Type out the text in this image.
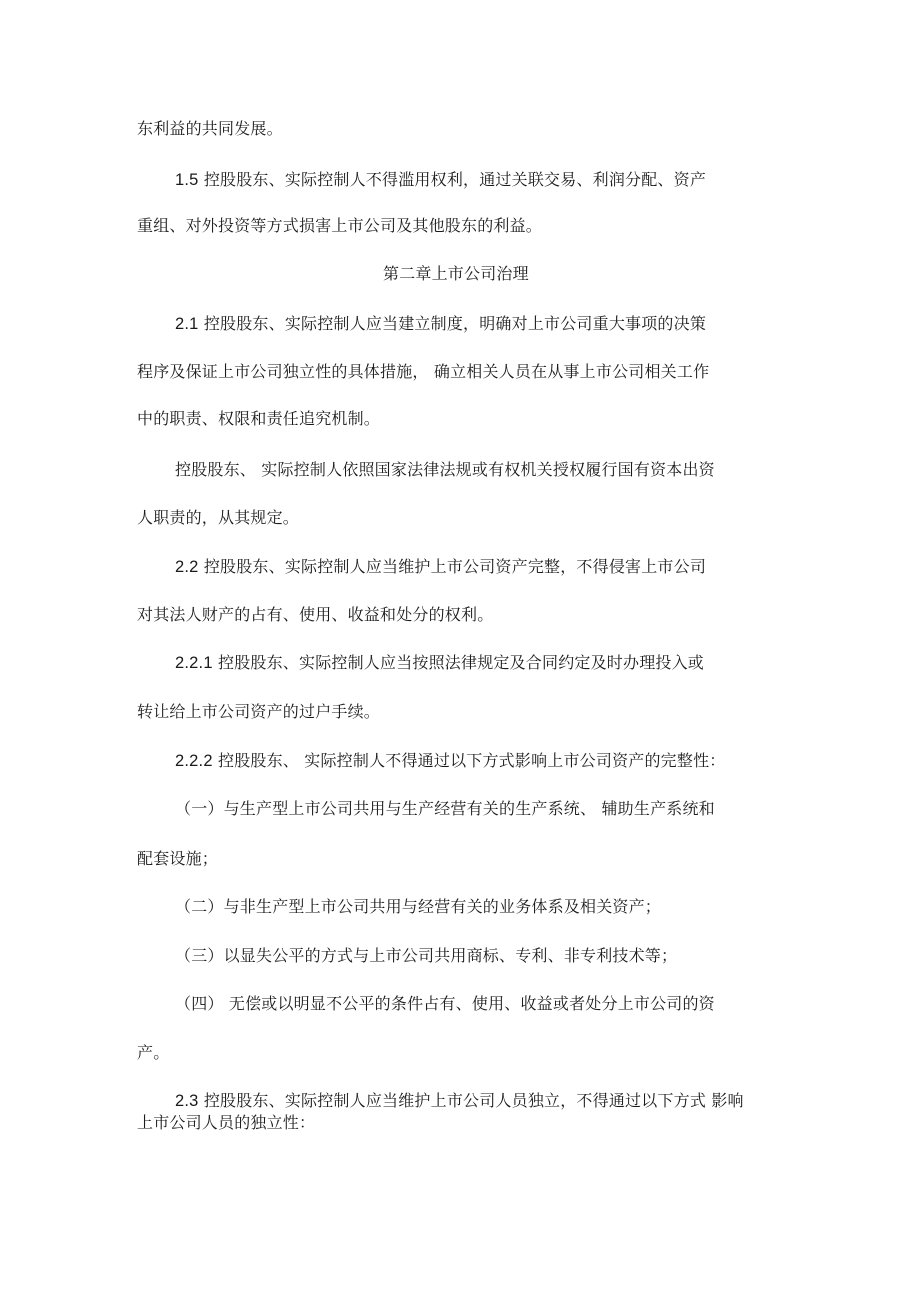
东利益的共同发展。
1.5 控股股东、实际控制人不得滥用权利，通过关联交易、利润分配、资产
重组、对外投资等方式损害上市公司及其他股东的利益。
第二章上市公司治理
2.1 控股股东、实际控制人应当建立制度，明确对上市公司重大事项的决策
程序及保证上市公司独立性的具体措施， 确立相关人员在从事上市公司相关工作
中的职责、权限和责任追究机制。
控股股东、 实际控制人依照国家法律法规或有权机关授权履行国有资本出资
人职责的，从其规定。
2.2 控股股东、实际控制人应当维护上市公司资产完整，不得侵害上市公司
对其法人财产的占有、使用、收益和处分的权利。
2.2.1 控股股东、实际控制人应当按照法律规定及合同约定及时办理投入或
转让给上市公司资产的过户手续。
2.2.2 控股股东、 实际控制人不得通过以下方式影响上市公司资产的完整性：
（一）与生产型上市公司共用与生产经营有关的生产系统、 辅助生产系统和
配套设施；
（二）与非生产型上市公司共用与经营有关的业务体系及相关资产；
（三）以显失公平的方式与上市公司共用商标、专利、非专利技术等；
（四） 无偿或以明显不公平的条件占有、使用、收益或者处分上市公司的资
产。
2.3 控股股东、实际控制人应当维护上市公司人员独立，不得通过以下方式 影响
上市公司人员的独立性：
